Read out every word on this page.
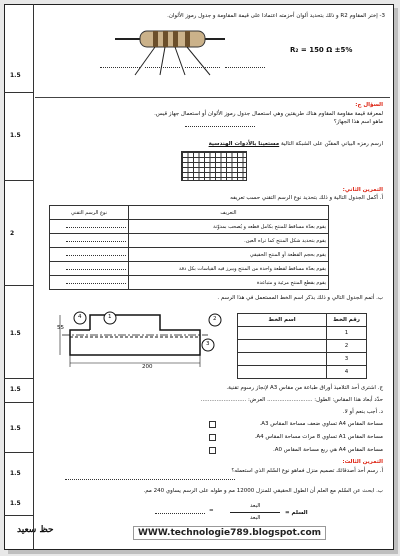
3- إختر المقاوم R2 و ذلك بتحديد ألوان أحزمته اعتمادا على قيمة المقاومة و جدول رموز الألوان.
R₂ = 150 Ω ±5%
السؤال ج:
لمعرفة قيمة مقاومة المقاوم هناك طريقتين وهي استعمال جدول رموز الألوان أو استعمال جهاز قيس.
ماهو اسم هذا الجهاز؟
ارسم رمزه البياني المقنّن على الشبكة التالية مستعينا بالأدوات الهندسية
التمرين الثاني:
أ. أكمل الجدول التالية و ذلك بتحديد نوع الرسم التقني حسب تعريفه
التعريف	نوع الرسم التقني
يقوم بعدّة مساقط للمنتج بكامل قطعه و يُصحب بمدوّنة	
يقوم بتحديد شكل المنتج كما تراه العين.	
يقوم بحجم القطعة أو المنتج الحقيقي	
يقوم بعدّة مساقط لقطعة واحدة من المنتج ويبرز فيه القياسات بكل دقة	
يقوم بقطع المنتج مرئية و متباعدة	
ب. أتمم الجدول التالي و ذلك بذكر اسم الخط المستعمل في هذا الرسم .
55
200
4	1	2
3
رقم الخط	اسم الخط
1	
2	
3	
4	
ج. اشترى أحد التلاميذ أوراق طباعة من مقاس A3 لإنجاز رسوم تقنية.
حدّد أبعاد هذا المقاس: الطول: .......................... العرض: ..........................
د. أجب بنعم أو لا.
مساحة المقاس A4 تساوي ضعف مساحة المقاس A3.
مساحة المقاس A1 تساوي 8 مرات مساحة المقاس A4.
مساحة المقاس A4 هي ربع مساحة المقاس A0.
التمرين الثالث:
أ. رسم أحد أصدقائك تصميم منزل فماهو نوع السّلم الذي استعمله؟
ب. ابحث عن السّلم مع العلم أن الطول الحقيقي للمنزل 12000 مم و طوله على الرسم يساوي 240 مم.
السلم =
البعد
البعد
=
WWW.technologie789.blogspot.com
حظ سعيد
1.5
1.5
2
1.5
1.5
1.5
1.5
1.5
